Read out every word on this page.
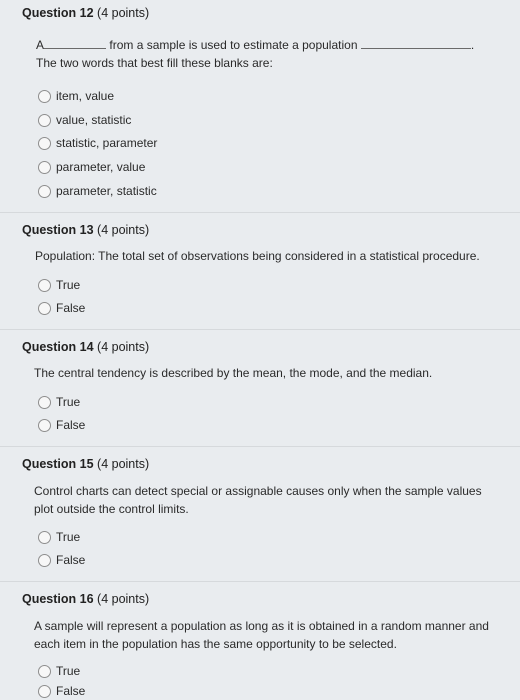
Question 12 (4 points)
A	from a sample is used to estimate a population	.
The two words that best fill these blanks are:
item, value
value, statistic
statistic, parameter
parameter, value
parameter, statistic
Question 13 (4 points)
Population: The total set of observations being considered in a statistical procedure.
True
False
Question 14 (4 points)
The central tendency is described by the mean, the mode, and the median.
True
False
Question 15 (4 points)
Control charts can detect special or assignable causes only when the sample values
plot outside the control limits.
True
False
Question 16 (4 points)
A sample will represent a population as long as it is obtained in a random manner and
each item in the population has the same opportunity to be selected.
True
False
